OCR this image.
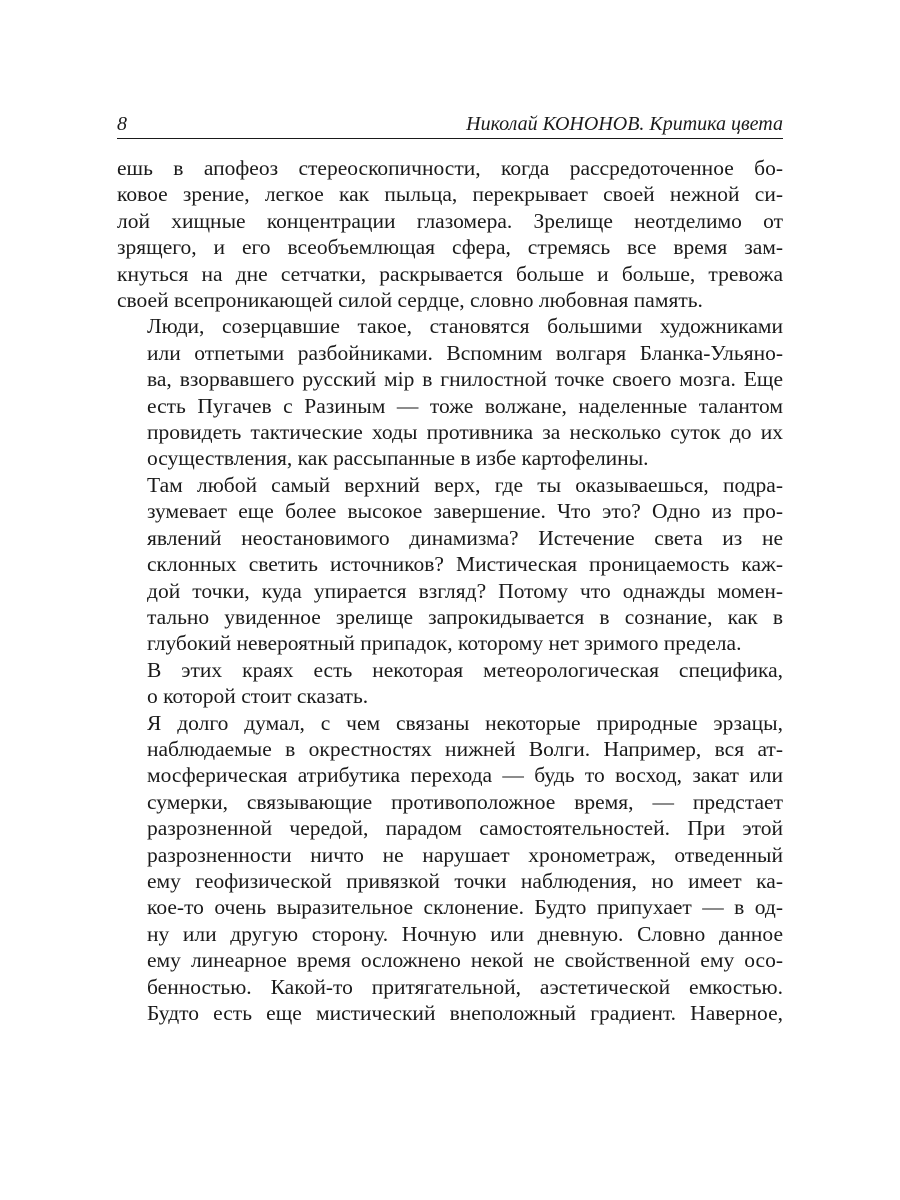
8	Николай КОНОНОВ. Критика цвета
ешь в апофеоз стереоскопичности, когда рассредоточенное бо-
ковое зрение, легкое как пыльца, перекрывает своей нежной си-
лой хищные концентрации глазомера. Зрелище неотделимо от
зрящего, и его всеобъемлющая сфера, стремясь все время зам-
кнуться на дне сетчатки, раскрывается больше и больше, тревожа
своей всепроникающей силой сердце, словно любовная память.
Люди, созерцавшие такое, становятся большими художниками
или отпетыми разбойниками. Вспомним волгаря Бланка-Ульяно-
ва, взорвавшего русский мiр в гнилостной точке своего мозга. Еще
есть Пугачев с Разиным — тоже волжане, наделенные талантом
провидеть тактические ходы противника за несколько суток до их
осуществления, как рассыпанные в избе картофелины.
Там любой самый верхний верх, где ты оказываешься, подра-
зумевает еще более высокое завершение. Что это? Одно из про-
явлений неостановимого динамизма? Истечение света из не
склонных светить источников? Мистическая проницаемость каж-
дой точки, куда упирается взгляд? Потому что однажды момен-
тально увиденное зрелище запрокидывается в сознание, как в
глубокий невероятный припадок, которому нет зримого предела.
В этих краях есть некоторая метеорологическая специфика,
о которой стоит сказать.
Я долго думал, с чем связаны некоторые природные эрзацы,
наблюдаемые в окрестностях нижней Волги. Например, вся ат-
мосферическая атрибутика перехода — будь то восход, закат или
сумерки, связывающие противоположное время, — предстает
разрозненной чередой, парадом самостоятельностей. При этой
разрозненности ничто не нарушает хронометраж, отведенный
ему геофизической привязкой точки наблюдения, но имеет ка-
кое-то очень выразительное склонение. Будто припухает — в од-
ну или другую сторону. Ночную или дневную. Словно данное
ему линеарное время осложнено некой не свойственной ему осо-
бенностью. Какой-то притягательной, аэстетической емкостью.
Будто есть еще мистический внеположный градиент. Наверное,
